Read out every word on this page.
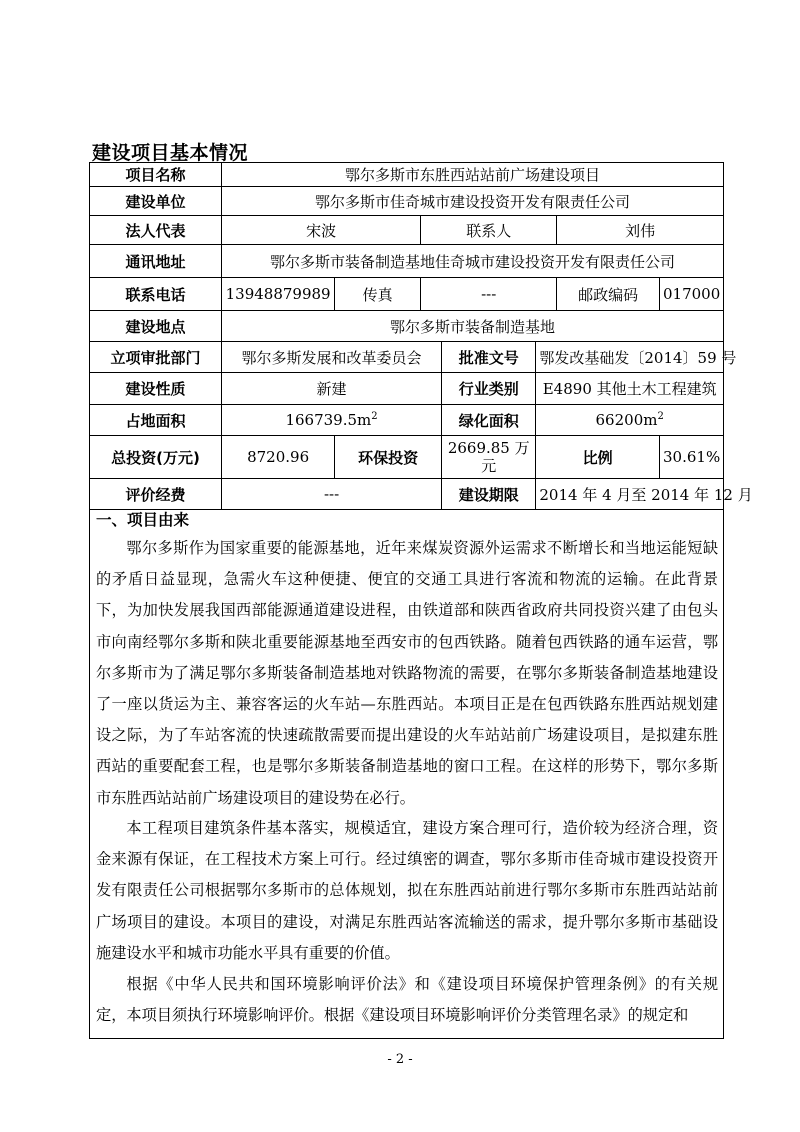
建设项目基本情况
项目名称	鄂尔多斯市东胜西站站前广场建设项目						
建设单位	鄂尔多斯市佳奇城市建设投资开发有限责任公司						
法人代表	宋波		联系人			刘伟	
通讯地址	鄂尔多斯市装备制造基地佳奇城市建设投资开发有限责任公司						
联系电话	13948879989	传真	---			邮政编码	017000
建设地点	鄂尔多斯市装备制造基地						
立项审批部门	鄂尔多斯发展和改革委员会			批准文号	鄂发改基础发〔2014〕59 号		
建设性质	新建			行业类别	E4890 其他土木工程建筑		
占地面积	$166739.5m^2$			绿化面积	$66200m^2$
总投资(万元)	8720.96	环保投资		2669.85 万元	比例		30.61%
评价经费	---			建设期限	2014 年 4 月至 2014 年 12 月		
一、项目由来

鄂尔多斯作为国家重要的能源基地，近年来煤炭资源外运需求不断增长和当地运能短缺的矛盾日益显现，急需火车这种便捷、便宜的交通工具进行客流和物流的运输。在此背景下，为加快发展我国西部能源通道建设进程，由铁道部和陕西省政府共同投资兴建了由包头市向南经鄂尔多斯和陕北重要能源基地至西安市的包西铁路。随着包西铁路的通车运营，鄂尔多斯市为了满足鄂尔多斯装备制造基地对铁路物流的需要，在鄂尔多斯装备制造基地建设了一座以货运为主、兼容客运的火车站—东胜西站。本项目正是在包西铁路东胜西站规划建设之际，为了车站客流的快速疏散需要而提出建设的火车站站前广场建设项目，是拟建东胜西站的重要配套工程，也是鄂尔多斯装备制造基地的窗口工程。在这样的形势下，鄂尔多斯市东胜西站站前广场建设项目的建设势在必行。

本工程项目建筑条件基本落实，规模适宜，建设方案合理可行，造价较为经济合理，资金来源有保证，在工程技术方案上可行。经过缜密的调查，鄂尔多斯市佳奇城市建设投资开发有限责任公司根据鄂尔多斯市的总体规划，拟在东胜西站前进行鄂尔多斯市东胜西站站前广场项目的建设。本项目的建设，对满足东胜西站客流输送的需求，提升鄂尔多斯市基础设施建设水平和城市功能水平具有重要的价值。

根据《中华人民共和国环境影响评价法》和《建设项目环境保护管理条例》的有关规定，本项目须执行环境影响评价。根据《建设项目环境影响评价分类管理名录》的规定和

- 2 -
